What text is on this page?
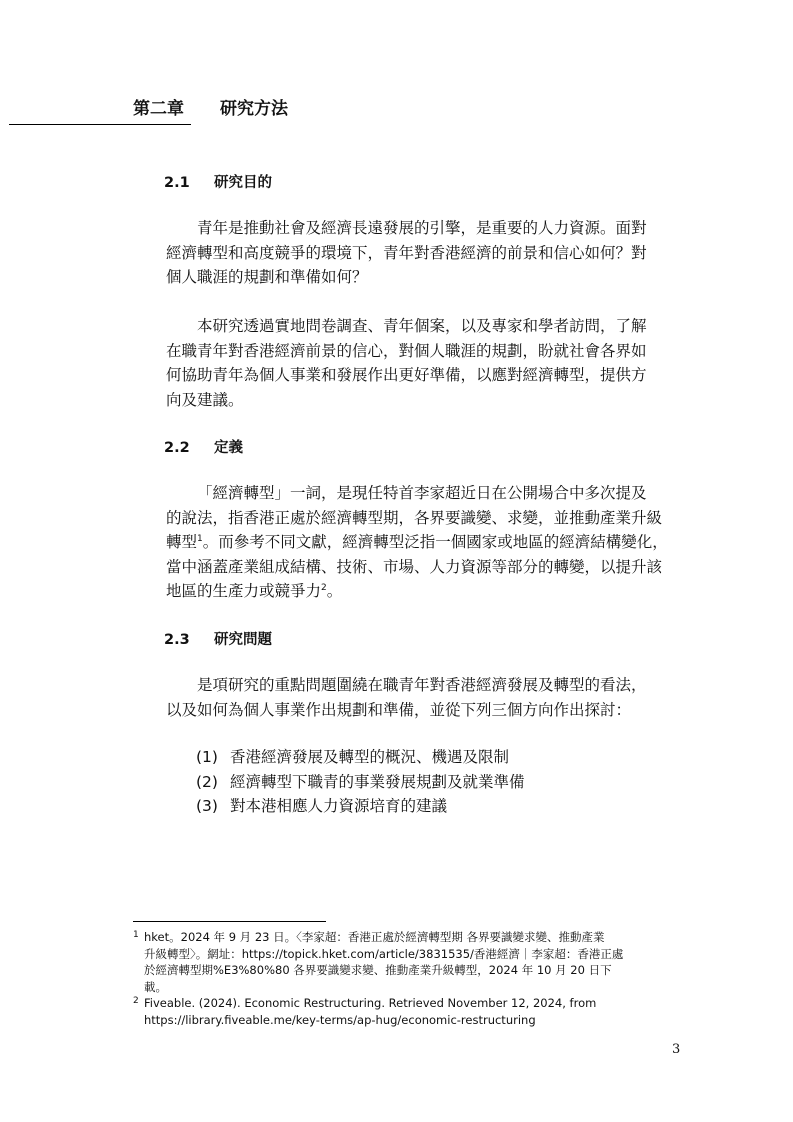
第二章 研究方法
2.1 研究目的
青年是推動社會及經濟長遠發展的引擎，是重要的人力資源。面對
經濟轉型和高度競爭的環境下，青年對香港經濟的前景和信心如何？對
個人職涯的規劃和準備如何？
本研究透過實地問卷調查、青年個案，以及專家和學者訪問，了解
在職青年對香港經濟前景的信心，對個人職涯的規劃，盼就社會各界如
何協助青年為個人事業和發展作出更好準備，以應對經濟轉型，提供方
向及建議。
2.2 定義
「經濟轉型」一詞，是現任特首李家超近日在公開場合中多次提及
的說法，指香港正處於經濟轉型期，各界要識變、求變，並推動產業升級
轉型$^1$。而參考不同文獻，經濟轉型泛指一個國家或地區的經濟結構變化，
當中涵蓋產業組成結構、技術、市場、人力資源等部分的轉變，以提升該
地區的生產力或競爭力$^2$。
2.3 研究問題
是項研究的重點問題圍繞在職青年對香港經濟發展及轉型的看法，
以及如何為個人事業作出規劃和準備，並從下列三個方向作出探討：
(1) 香港經濟發展及轉型的概況、機遇及限制
(2) 經濟轉型下職青的事業發展規劃及就業準備
(3) 對本港相應人力資源培育的建議
1 hket。2024 年 9 月 23 日。〈李家超：香港正處於經濟轉型期 各界要識變求變、推動產業
升級轉型〉。網址：https://topick.hket.com/article/3831535/香港經濟｜李家超：香港正處
於經濟轉型期%E3%80%80 各界要識變求變、推動產業升級轉型，2024 年 10 月 20 日下
載。
2 Fiveable. (2024). Economic Restructuring. Retrieved November 12, 2024, from
https://library.fiveable.me/key-terms/ap-hug/economic-restructuring
3
